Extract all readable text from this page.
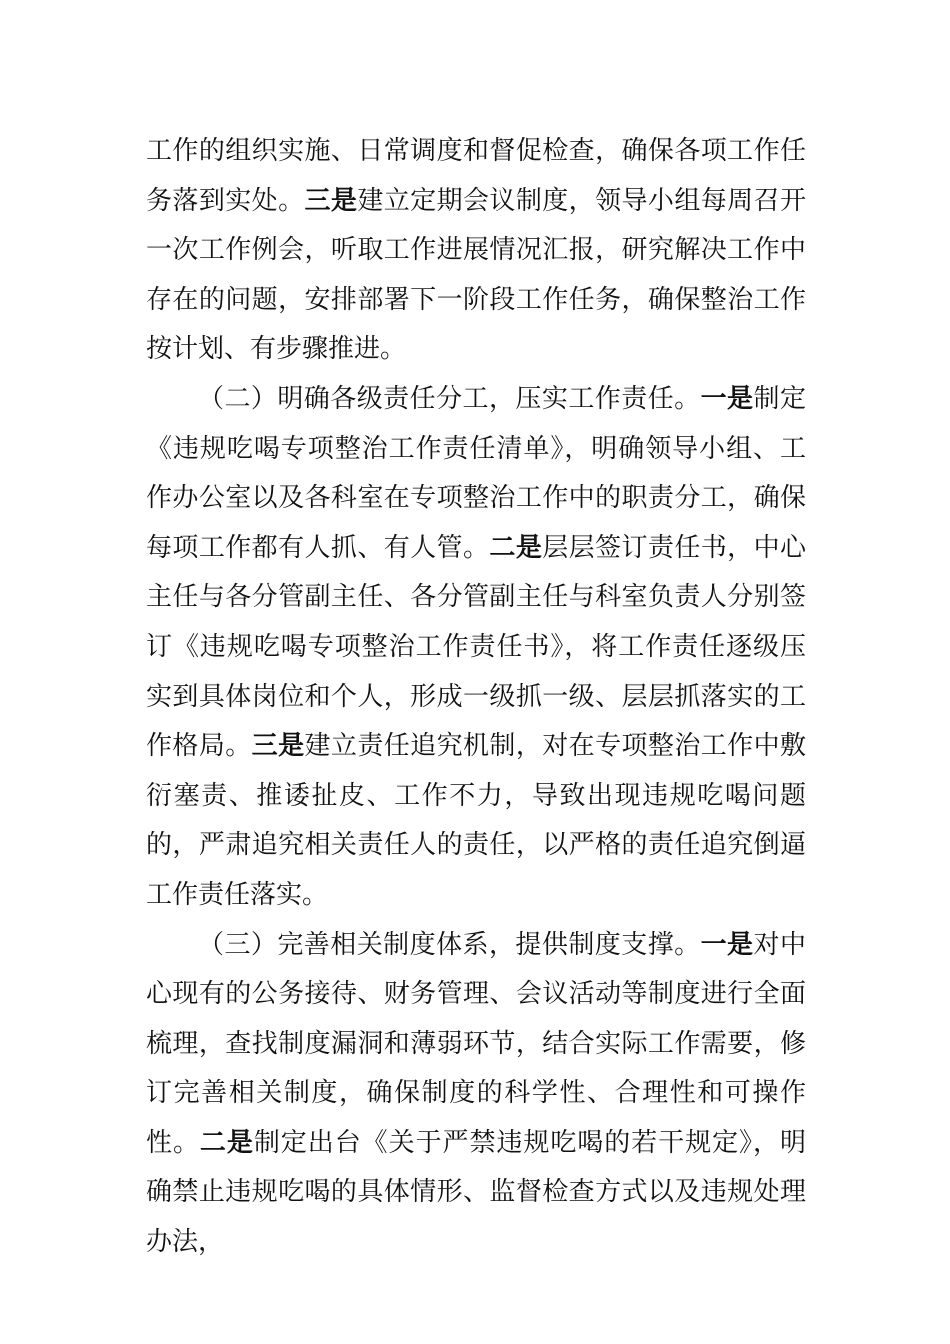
工作的组织实施、日常调度和督促检查，确保各项工作任务落到实处。三是建立定期会议制度，领导小组每周召开一次工作例会，听取工作进展情况汇报，研究解决工作中存在的问题，安排部署下一阶段工作任务，确保整治工作按计划、有步骤推进。

（二）明确各级责任分工，压实工作责任。一是制定《违规吃喝专项整治工作责任清单》，明确领导小组、工作办公室以及各科室在专项整治工作中的职责分工，确保每项工作都有人抓、有人管。二是层层签订责任书，中心主任与各分管副主任、各分管副主任与科室负责人分别签订《违规吃喝专项整治工作责任书》，将工作责任逐级压实到具体岗位和个人，形成一级抓一级、层层抓落实的工作格局。三是建立责任追究机制，对在专项整治工作中敷衍塞责、推诿扯皮、工作不力，导致出现违规吃喝问题的，严肃追究相关责任人的责任，以严格的责任追究倒逼工作责任落实。

（三）完善相关制度体系，提供制度支撑。一是对中心现有的公务接待、财务管理、会议活动等制度进行全面梳理，查找制度漏洞和薄弱环节，结合实际工作需要，修订完善相关制度，确保制度的科学性、合理性和可操作性。二是制定出台《关于严禁违规吃喝的若干规定》，明确禁止违规吃喝的具体情形、监督检查方式以及违规处理办法，
